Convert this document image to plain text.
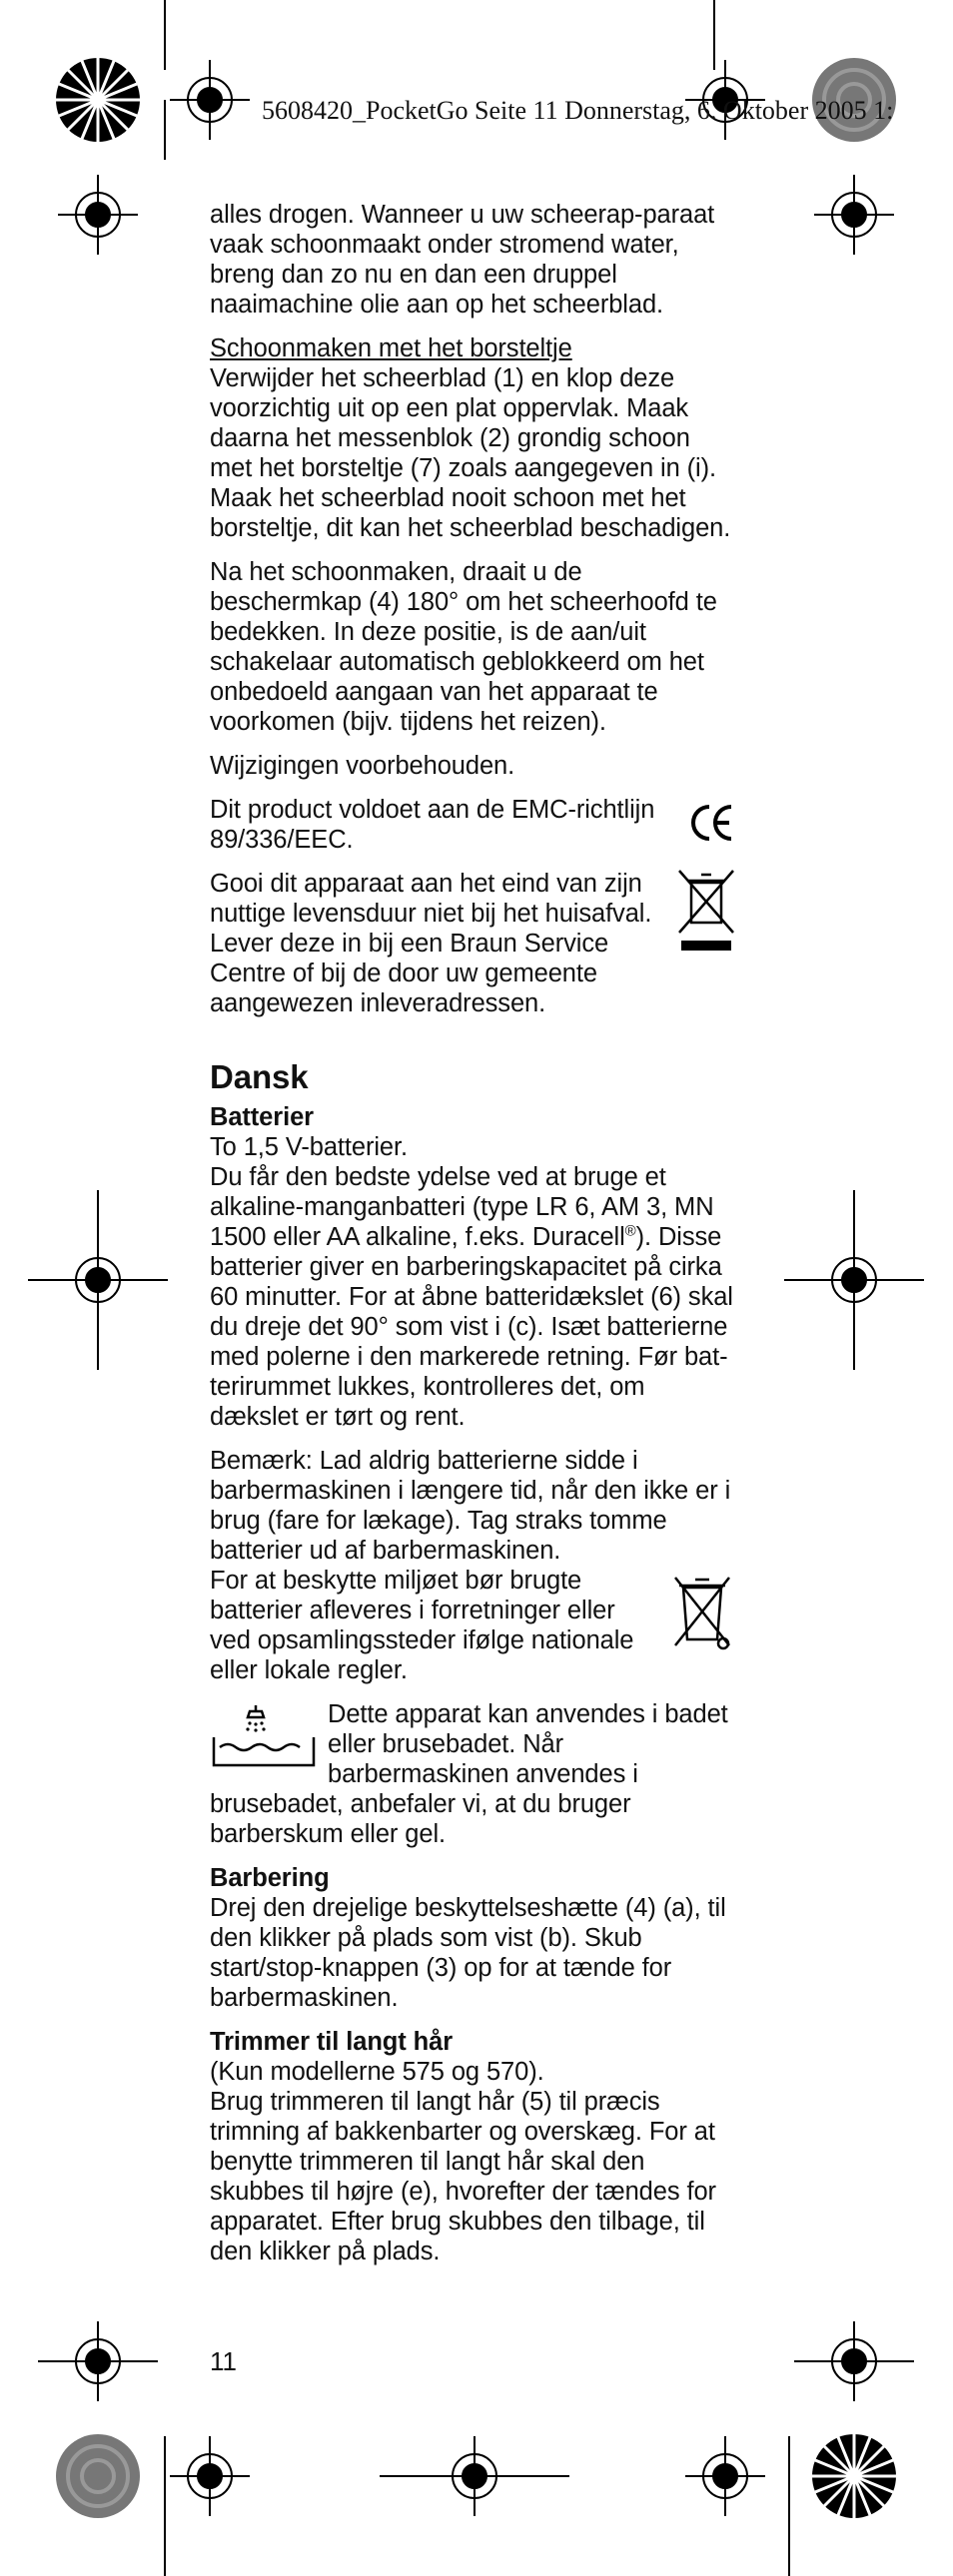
5608420_PocketGo Seite 11 Donnerstag, 6. Oktober 2005 1:

alles drogen. Wanneer u uw scheerap-paraat vaak schoonmaakt onder stromend water, breng dan zo nu en dan een druppel naaimachine olie aan op het scheerblad.

Schoonmaken met het borsteltje
Verwijder het scheerblad (1) en klop deze voorzichtig uit op een plat oppervlak. Maak daarna het messenblok (2) grondig schoon met het borsteltje (7) zoals aangegeven in (i). Maak het scheerblad nooit schoon met het borsteltje, dit kan het scheerblad beschadigen.

Na het schoonmaken, draait u de beschermkap (4) 180° om het scheerhoofd te bedekken. In deze positie, is de aan/uit schakelaar automatisch geblokkeerd om het onbedoeld aangaan van het apparaat te voorkomen (bijv. tijdens het reizen).

Wijzigingen voorbehouden.

Dit product voldoet aan de EMC-richtlijn 89/336/EEC.

Gooi dit apparaat aan het eind van zijn nuttige levensduur niet bij het huisafval. Lever deze in bij een Braun Service Centre of bij de door uw gemeente aangewezen inleveradressen.

Dansk

Batterier
To 1,5 V-batterier.
Du får den bedste ydelse ved at bruge et alkaline-manganbatteri (type LR 6, AM 3, MN 1500 eller AA alkaline, f.eks. Duracell®). Disse batterier giver en barberingskapacitet på cirka 60 minutter. For at åbne batteridækslet (6) skal du dreje det 90° som vist i (c). Isæt batterierne med polerne i den markerede retning. Før bat-terirummet lukkes, kontrolleres det, om dækslet er tørt og rent.

Bemærk: Lad aldrig batterierne sidde i barbermaskinen i længere tid, når den ikke er i brug (fare for lækage). Tag straks tomme batterier ud af barbermaskinen.

For at beskytte miljøet bør brugte batterier afleveres i forretninger eller ved opsamlingssteder ifølge nationale eller lokale regler.

Dette apparat kan anvendes i badet eller brusebadet. Når barbermaskinen anvendes i brusebadet, anbefaler vi, at du bruger barberskum eller gel.

Barbering
Drej den drejelige beskyttelseshætte (4) (a), til den klikker på plads som vist (b). Skub start/stop-knappen (3) op for at tænde for barbermaskinen.

Trimmer til langt hår
(Kun modellerne 575 og 570).
Brug trimmeren til langt hår (5) til præcis trimning af bakkenbarter og overskæg. For at benytte trimmeren til langt hår skal den skubbes til højre (e), hvorefter der tændes for apparatet. Efter brug skubbes den tilbage, til den klikker på plads.

11
